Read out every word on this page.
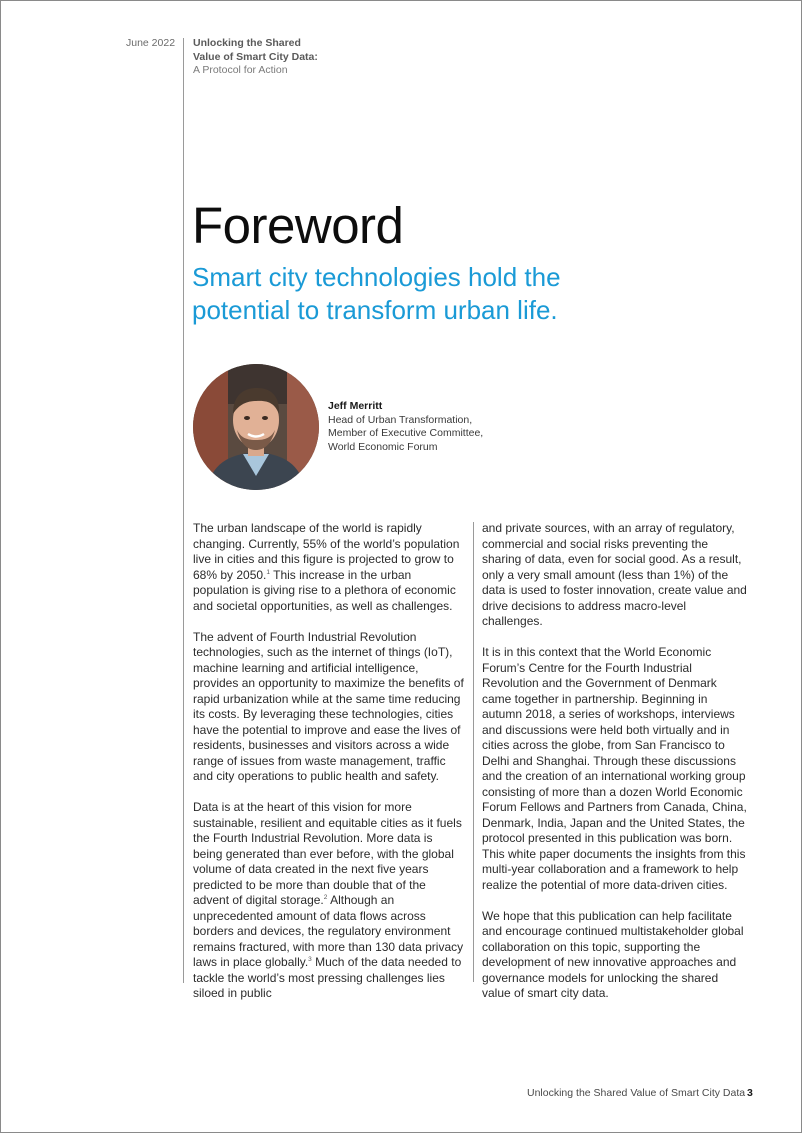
June 2022 Unlocking the Shared
Value of Smart City Data:
A Protocol for Action
Foreword

Smart city technologies hold the potential to transform urban life.

Jeff Merritt
Head of Urban Transformation,
Member of Executive Committee,
World Economic Forum

The urban landscape of the world is rapidly changing. Currently, 55% of the world’s population live in cities and this figure is projected to grow to 68% by 2050.$^1$ This increase in the urban population is giving rise to a plethora of economic and societal opportunities, as well as challenges.

The advent of Fourth Industrial Revolution technologies, such as the internet of things (IoT), machine learning and artificial intelligence, provides an opportunity to maximize the benefits of rapid urbanization while at the same time reducing its costs. By leveraging these technologies, cities have the potential to improve and ease the lives of residents, businesses and visitors across a wide range of issues from waste management, traffic and city operations to public health and safety.

Data is at the heart of this vision for more sustainable, resilient and equitable cities as it fuels the Fourth Industrial Revolution. More data is being generated than ever before, with the global volume of data created in the next five years predicted to be more than double that of the advent of digital storage.$^2$ Although an unprecedented amount of data flows across borders and devices, the regulatory environment remains fractured, with more than 130 data privacy laws in place globally.$^3$ Much of the data needed to tackle the world’s most pressing challenges lies siloed in public

and private sources, with an array of regulatory, commercial and social risks preventing the sharing of data, even for social good. As a result, only a very small amount (less than 1%) of the data is used to foster innovation, create value and drive decisions to address macro-level challenges.

It is in this context that the World Economic Forum’s Centre for the Fourth Industrial Revolution and the Government of Denmark came together in partnership. Beginning in autumn 2018, a series of workshops, interviews and discussions were held both virtually and in cities across the globe, from San Francisco to Delhi and Shanghai. Through these discussions and the creation of an international working group consisting of more than a dozen World Economic Forum Fellows and Partners from Canada, China, Denmark, India, Japan and the United States, the protocol presented in this publication was born. This white paper documents the insights from this multi-year collaboration and a framework to help realize the potential of more data-driven cities.

We hope that this publication can help facilitate and encourage continued multistakeholder global collaboration on this topic, supporting the development of new innovative approaches and governance models for unlocking the shared value of smart city data.

Unlocking the Shared Value of Smart City Data 3
